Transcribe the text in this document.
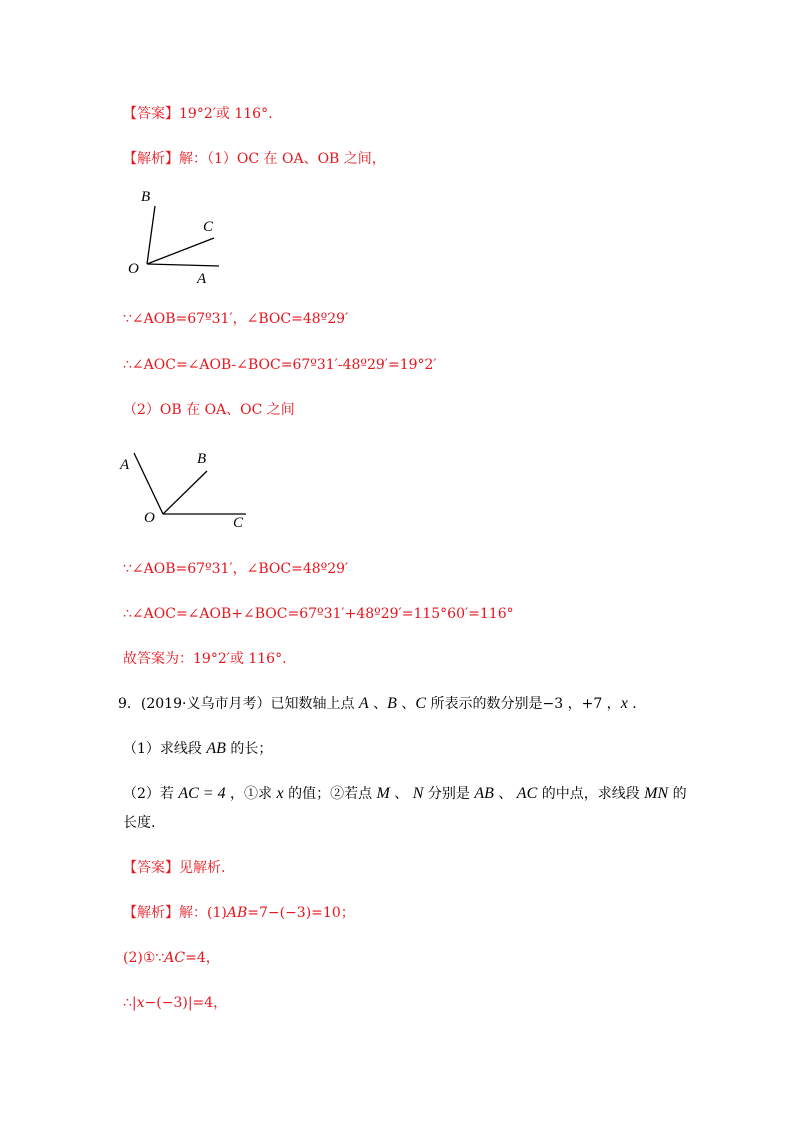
【答案】19°2′或 116°.
【解析】解：（1）OC 在 OA、OB 之间，
B
C
O
A
∵∠AOB=67º31′，∠BOC=48º29′
∴∠AOC=∠AOB-∠BOC=67º31′-48º29′=19°2′
（2）OB 在 OA、OC 之间
A	B
O	C
∵∠AOB=67º31′，∠BOC=48º29′
∴∠AOC=∠AOB+∠BOC=67º31′+48º29′=115°60′=116°
故答案为：19°2′或 116°.
9．(2019·义乌市月考）已知数轴上点 A 、B 、C 所表示的数分别是−3 ，+7 ，x .
（1）求线段 AB 的长；
（2）若 AC = 4 ，①求 x 的值；②若点 M 、 N 分别是 AB 、 AC 的中点，求线段 MN 的
长度.
【答案】见解析.
【解析】解：(1)AB=7−(−3)=10；
(2)①∵AC=4，
∴|x−(−3)|=4，
